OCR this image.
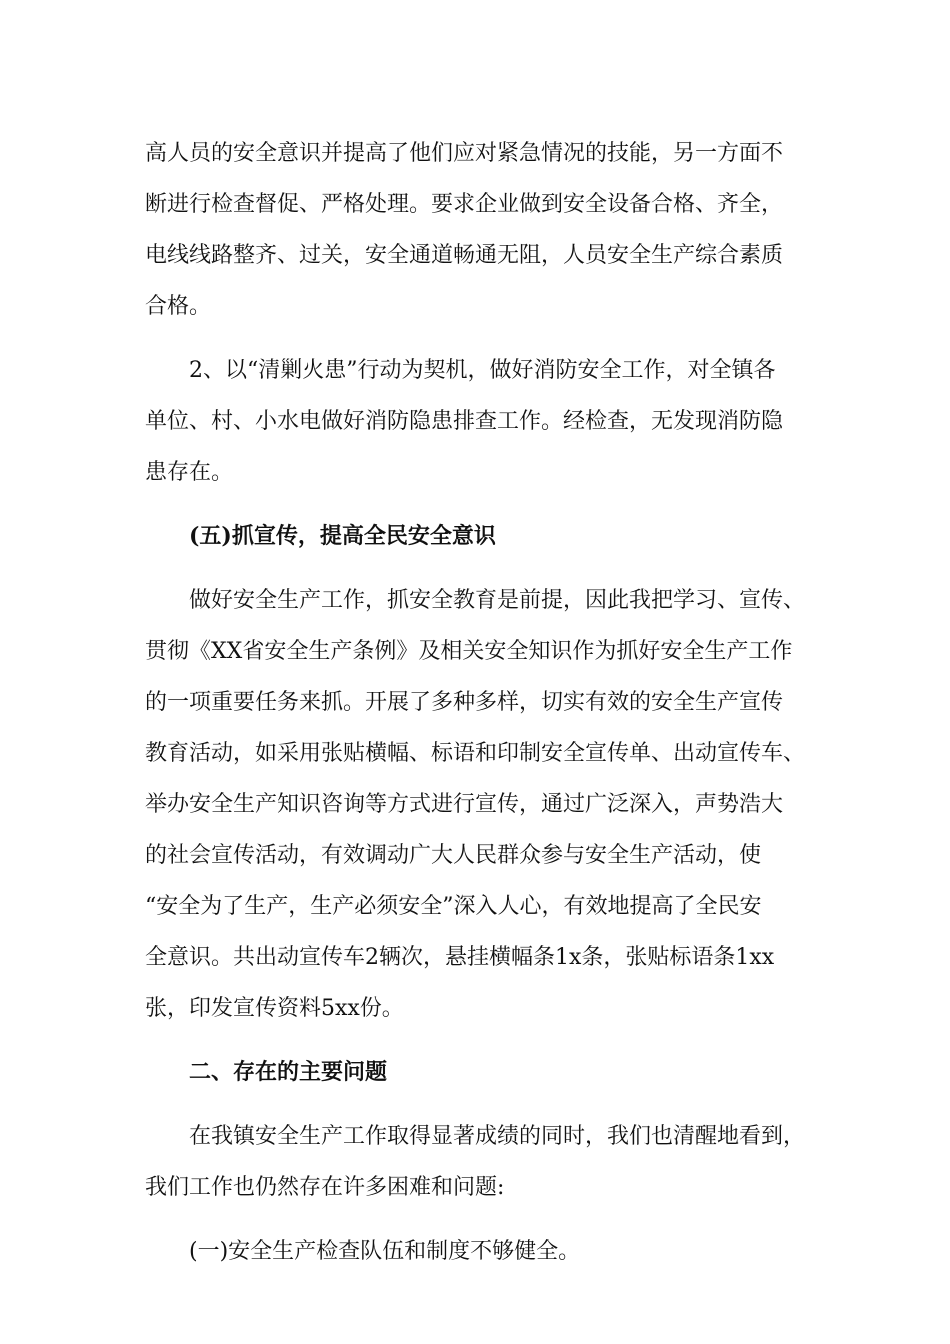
高人员的安全意识并提高了他们应对紧急情况的技能，另一方面不
断进行检查督促、严格处理。要求企业做到安全设备合格、齐全，
电线线路整齐、过关，安全通道畅通无阻，人员安全生产综合素质
合格。
2、以“清剿火患”行动为契机，做好消防安全工作，对全镇各
单位、村、小水电做好消防隐患排查工作。经检查，无发现消防隐
患存在。
(五)抓宣传，提高全民安全意识
做好安全生产工作，抓安全教育是前提，因此我把学习、宣传、
贯彻《XX省安全生产条例》及相关安全知识作为抓好安全生产工作
的一项重要任务来抓。开展了多种多样，切实有效的安全生产宣传
教育活动，如采用张贴横幅、标语和印制安全宣传单、出动宣传车、
举办安全生产知识咨询等方式进行宣传，通过广泛深入，声势浩大
的社会宣传活动，有效调动广大人民群众参与安全生产活动，使
“安全为了生产，生产必须安全”深入人心，有效地提高了全民安
全意识。共出动宣传车2辆次，悬挂横幅条1x条，张贴标语条1xx
张，印发宣传资料5xx份。
二、存在的主要问题
在我镇安全生产工作取得显著成绩的同时，我们也清醒地看到，
我们工作也仍然存在许多困难和问题:
(一)安全生产检查队伍和制度不够健全。
